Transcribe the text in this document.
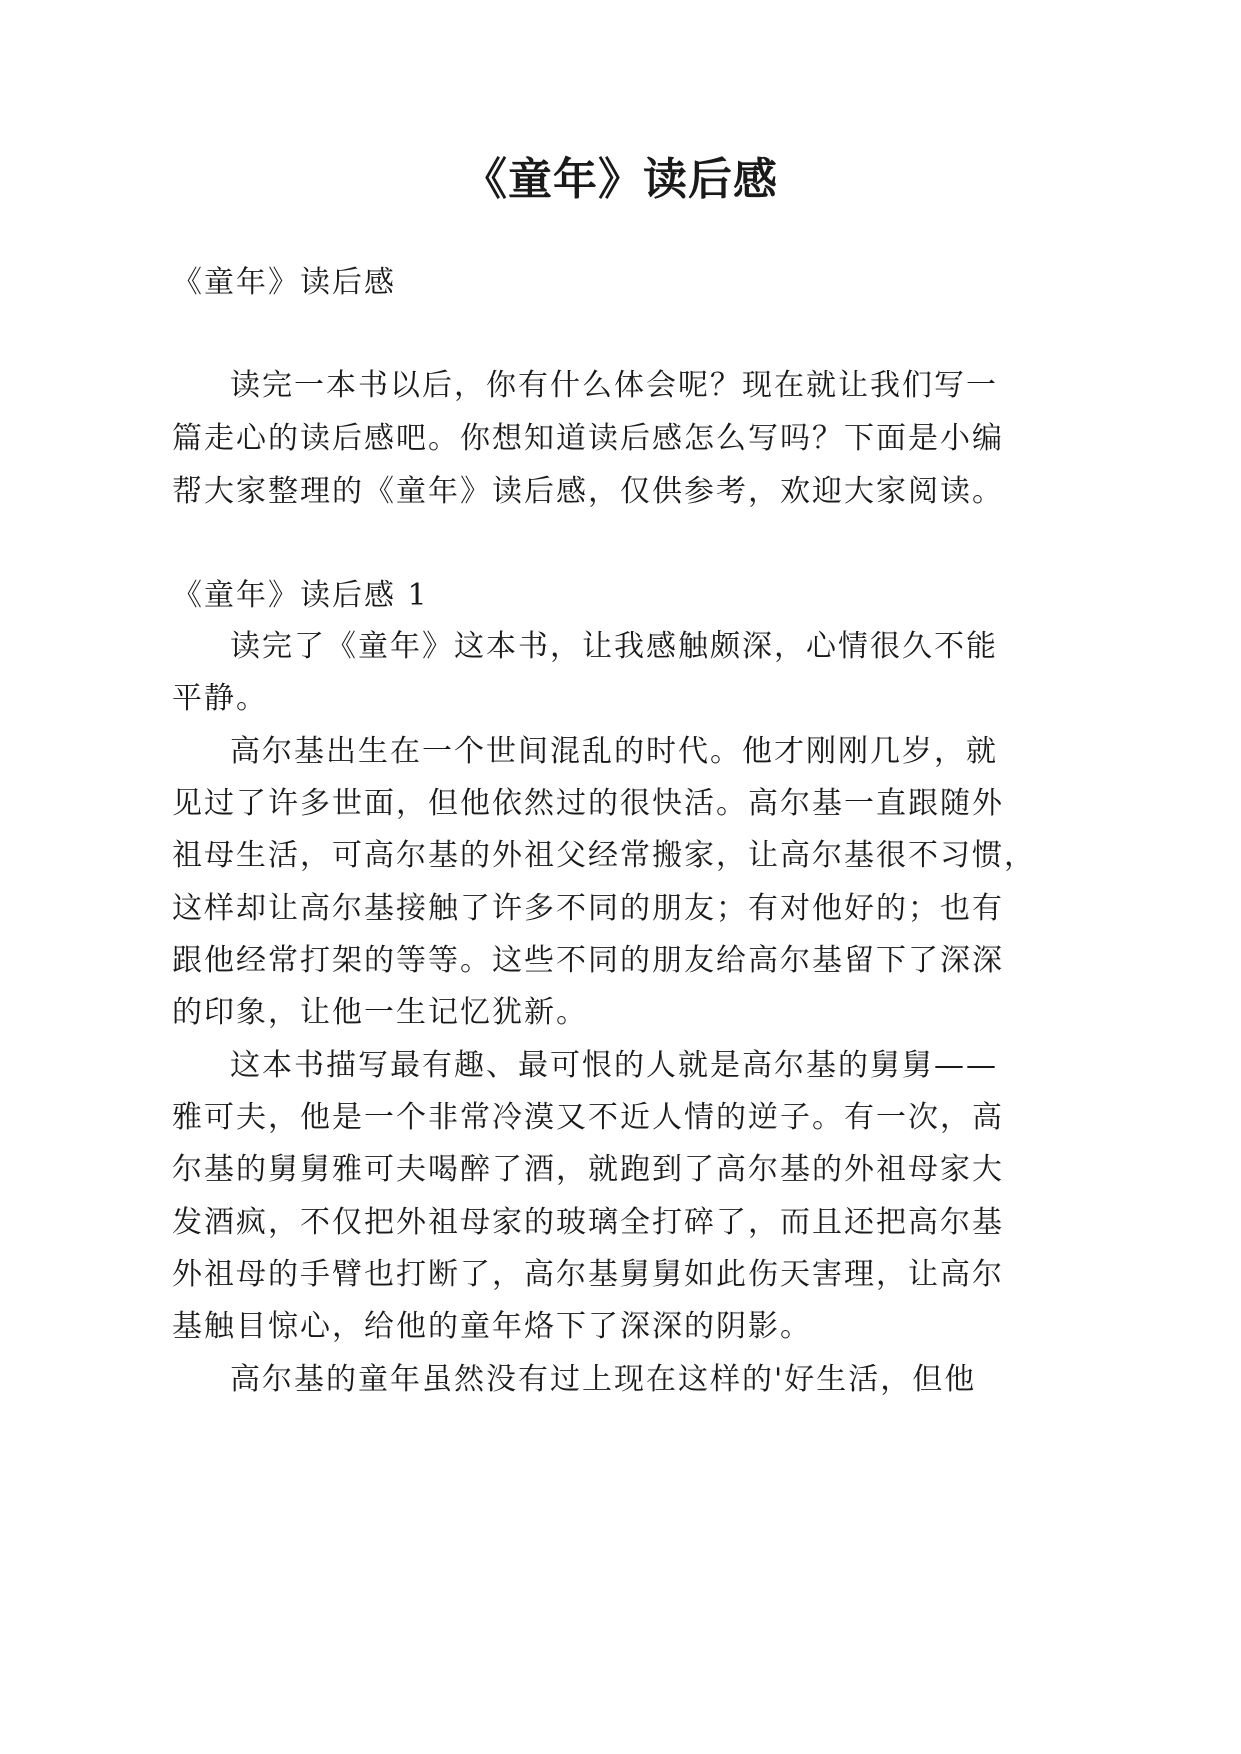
《童年》读后感

《童年》读后感

读完一本书以后，你有什么体会呢？现在就让我们写一

篇走心的读后感吧。你想知道读后感怎么写吗？下面是小编

帮大家整理的《童年》读后感，仅供参考，欢迎大家阅读。

《童年》读后感 1

读完了《童年》这本书，让我感触颇深，心情很久不能

平静。

高尔基出生在一个世间混乱的时代。他才刚刚几岁，就

见过了许多世面，但他依然过的很快活。高尔基一直跟随外

祖母生活，可高尔基的外祖父经常搬家，让高尔基很不习惯，

这样却让高尔基接触了许多不同的朋友；有对他好的；也有

跟他经常打架的等等。这些不同的朋友给高尔基留下了深深

的印象，让他一生记忆犹新。

这本书描写最有趣、最可恨的人就是高尔基的舅舅——

雅可夫，他是一个非常冷漠又不近人情的逆子。有一次，高

尔基的舅舅雅可夫喝醉了酒，就跑到了高尔基的外祖母家大

发酒疯，不仅把外祖母家的玻璃全打碎了，而且还把高尔基

外祖母的手臂也打断了，高尔基舅舅如此伤天害理，让高尔

基触目惊心，给他的童年烙下了深深的阴影。

高尔基的童年虽然没有过上现在这样的'好生活，但他
